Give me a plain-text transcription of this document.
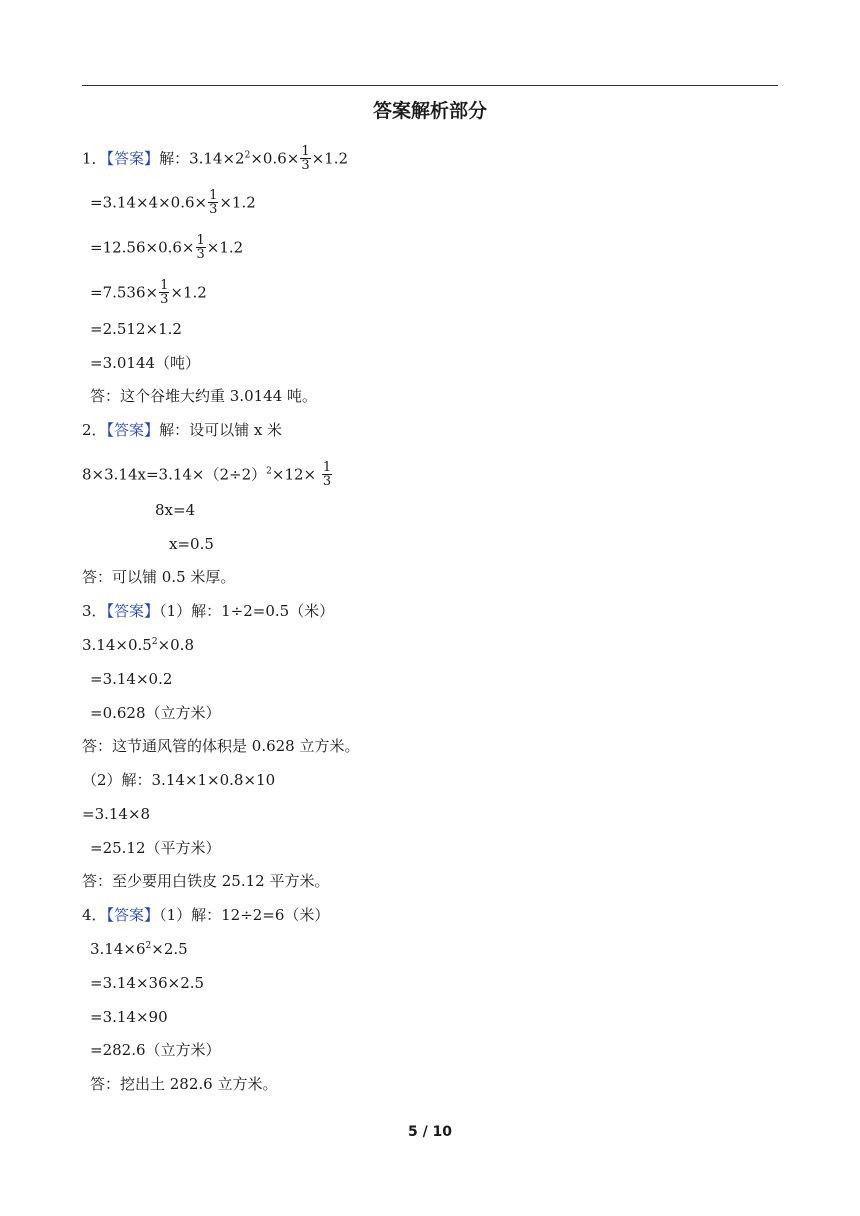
答案解析部分
1．【答案】解：$3.14\times 2^2\times 0.6\times \frac{1}{3} \times 1.2$
$=3.14\times 4\times 0.6\times \frac{1}{3} \times 1.2$
$=12.56\times 0.6\times \frac{1}{3} \times 1.2$
$=7.536\times \frac{1}{3} \times 1.2$
=2.512×1.2
=3.0144（吨）
答：这个谷堆大约重 3.0144 吨。
2．【答案】解：设可以铺 x 米
$8\times 3.14x=3.14\times(2\div 2)^2\times 12\times \frac{1}{3}$
8x=4
x=0.5
答：可以铺 0.5 米厚。
3．【答案】（1）解：1÷2=0.5（米）
$3.14\times 0.5^2\times 0.8$
=3.14×0.2
=0.628（立方米）
答：这节通风管的体积是 0.628 立方米。
（2）解：3.14×1×0.8×10
=3.14×8
=25.12（平方米）
答：至少要用白铁皮 25.12 平方米。
4．【答案】（1）解：12÷2=6（米）
$3.14\times 6^2\times 2.5$
=3.14×36×2.5
=3.14×90
=282.6（立方米）
答：挖出土 282.6 立方米。
5 / 10
